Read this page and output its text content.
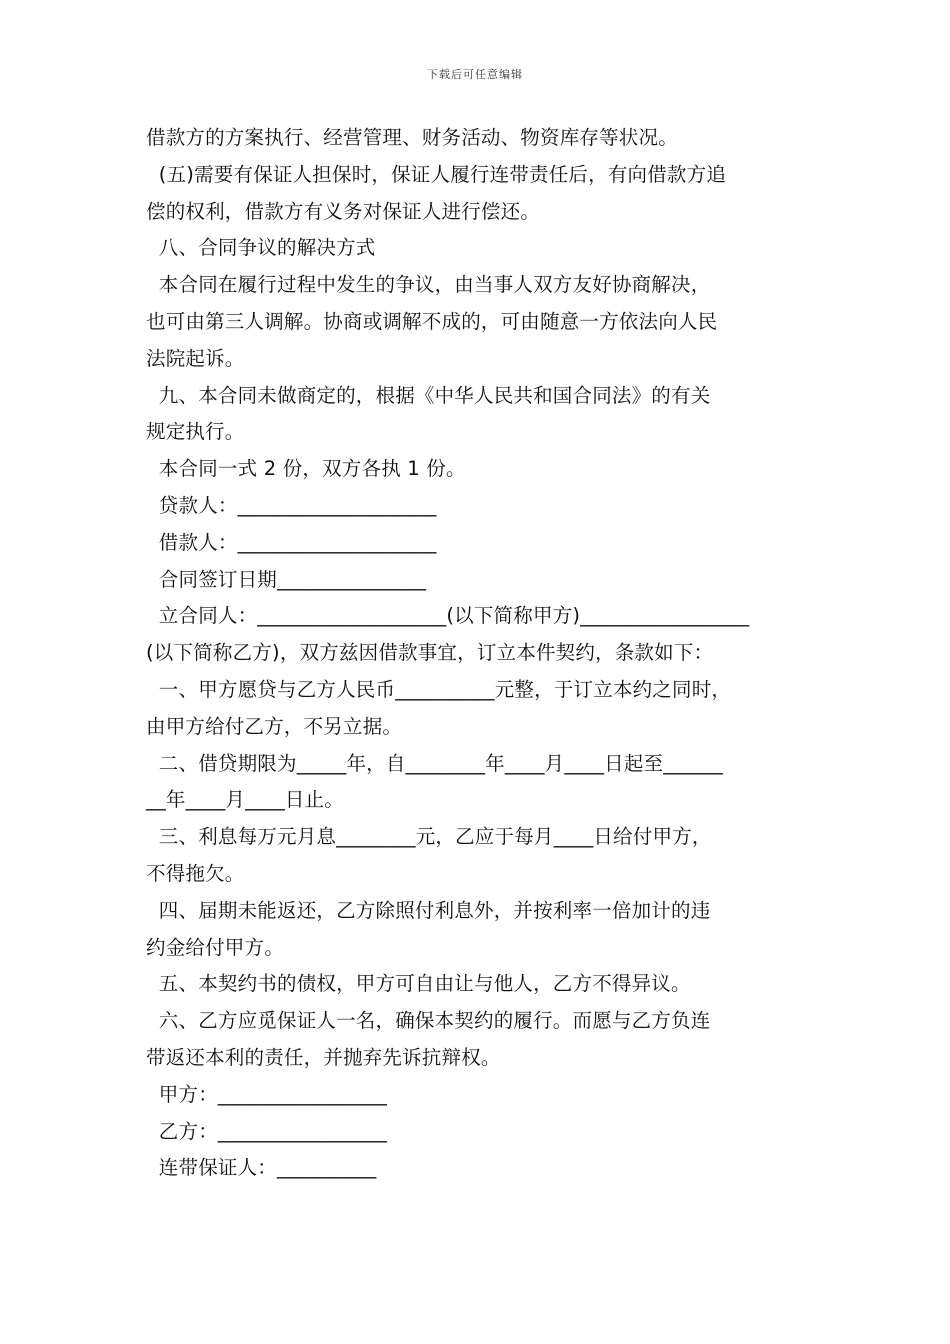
下载后可任意编辑
借款方的方案执行、经营管理、财务活动、物资库存等状况。
(五)需要有保证人担保时，保证人履行连带责任后，有向借款方追
偿的权利，借款方有义务对保证人进行偿还。
八、合同争议的解决方式
本合同在履行过程中发生的争议，由当事人双方友好协商解决，
也可由第三人调解。协商或调解不成的，可由随意一方依法向人民
法院起诉。
九、本合同未做商定的，根据《中华人民共和国合同法》的有关
规定执行。
本合同一式 2 份，双方各执 1 份。
贷款人：____________________
借款人：____________________
合同签订日期_______________
立合同人：___________________(以下简称甲方)_________________
(以下简称乙方)，双方兹因借款事宜，订立本件契约，条款如下：
一、甲方愿贷与乙方人民币__________元整，于订立本约之同时，
由甲方给付乙方，不另立据。
二、借贷期限为_____年，自________年____月____日起至______
__年____月____日止。
三、利息每万元月息________元，乙应于每月____日给付甲方，
不得拖欠。
四、届期未能返还，乙方除照付利息外，并按利率一倍加计的违
约金给付甲方。
五、本契约书的债权，甲方可自由让与他人，乙方不得异议。
六、乙方应觅保证人一名，确保本契约的履行。而愿与乙方负连
带返还本利的责任，并抛弃先诉抗辩权。
甲方：_________________
乙方：_________________
连带保证人：__________
